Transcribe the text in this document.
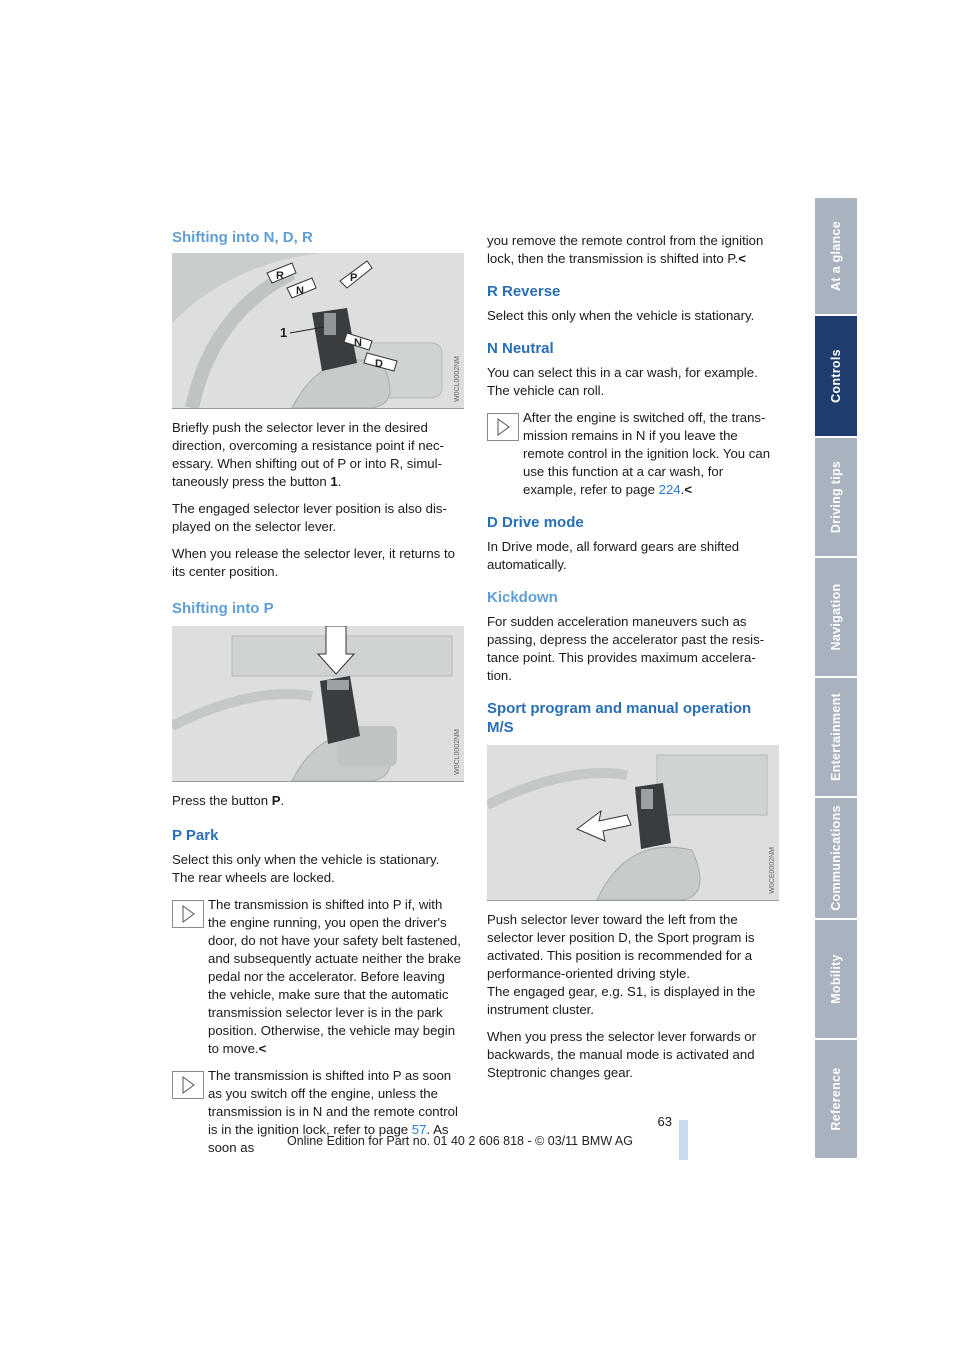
Shifting into N, D, R
R
N
P
N
D
1
W0CL0002NM

Briefly push the selector lever in the desired direction, overcoming a resistance point if nec-essary. When shifting out of P or into R, simul-taneously press the button 1.

The engaged selector lever position is also dis-played on the selector lever.

When you release the selector lever, it returns to its center position.

Shifting into P
W0CL0002NM

Press the button P.

P Park

Select this only when the vehicle is stationary. The rear wheels are locked.

The transmission is shifted into P if, with the engine running, you open the driver's door, do not have your safety belt fastened, and subsequently actuate neither the brake pedal nor the accelerator. Before leaving the vehicle, make sure that the automatic transmission selector lever is in the park position. Otherwise, the vehicle may begin to move.<

The transmission is shifted into P as soon as you switch off the engine, unless the transmission is in N and the remote control is in the ignition lock, refer to page 57. As soon as

you remove the remote control from the ignition lock, then the transmission is shifted into P.<

R Reverse

Select this only when the vehicle is stationary.

N Neutral

You can select this in a car wash, for example. The vehicle can roll.

After the engine is switched off, the trans-mission remains in N if you leave the remote control in the ignition lock. You can use this function at a car wash, for example, refer to page 224.<

D Drive mode

In Drive mode, all forward gears are shifted automatically.

Kickdown

For sudden acceleration maneuvers such as passing, depress the accelerator past the resis-tance point. This provides maximum accelera-tion.

Sport program and manual operation M/S
W0CE0002NM

Push selector lever toward the left from the selector lever position D, the Sport program is activated. This position is recommended for a performance-oriented driving style.

The engaged gear, e.g. S1, is displayed in the instrument cluster.

When you press the selector lever forwards or backwards, the manual mode is activated and Steptronic changes gear.

At a glance
Controls
Driving tips
Navigation
Entertainment
Communications
Mobility
Reference
63
Online Edition for Part no. 01 40 2 606 818 - © 03/11 BMW AG
